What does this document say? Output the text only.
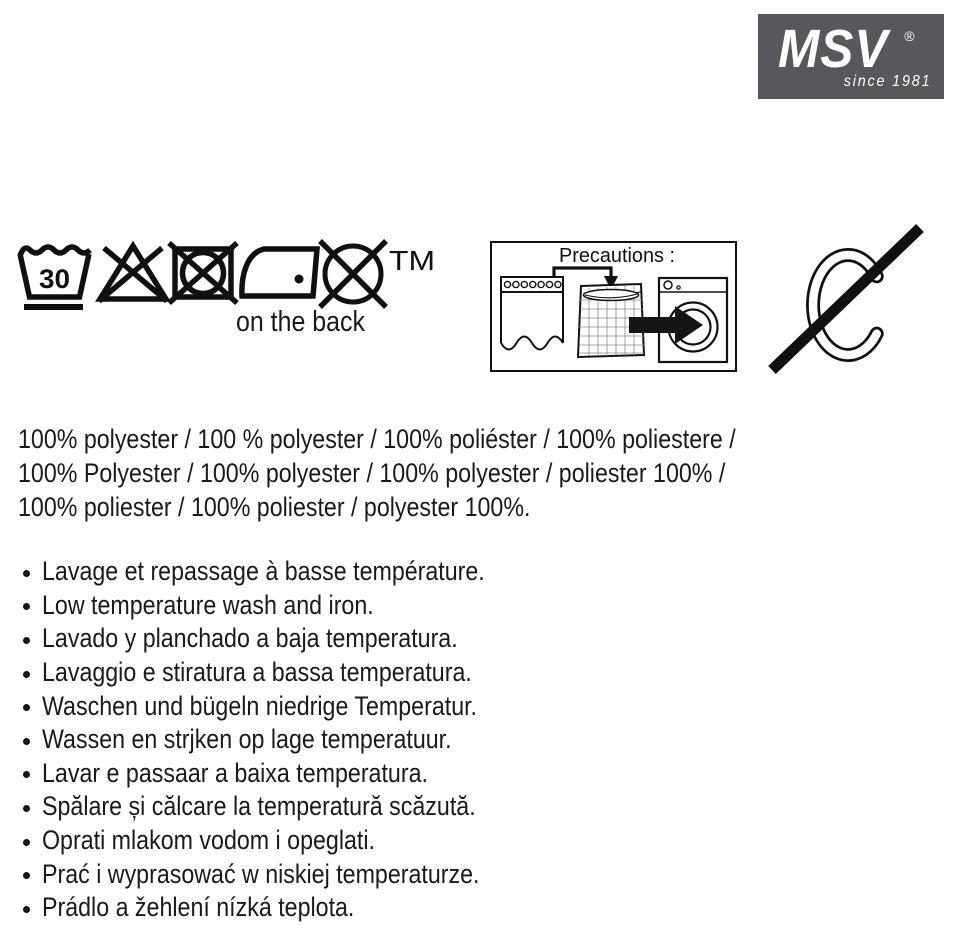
MSV ®
since 1981
30
TM
on the back
Precautions :
100% polyester / 100 % polyester / 100% poliéster / 100% poliestere /
100% Polyester / 100% polyester / 100% polyester / poliester 100% /
100% poliester / 100% poliester / polyester 100%.
Lavage et repassage à basse température.
Low temperature wash and iron.
Lavado y planchado a baja temperatura.
Lavaggio e stiratura a bassa temperatura.
Waschen und bügeln niedrige Temperatur.
Wassen en strjken op lage temperatuur.
Lavar e passaar a baixa temperatura.
Spălare și călcare la temperatură scăzută.
Oprati mlakom vodom i opeglati.
Prać i wyprasować w niskiej temperaturze.
Prádlo a žehlení nízká teplota.
